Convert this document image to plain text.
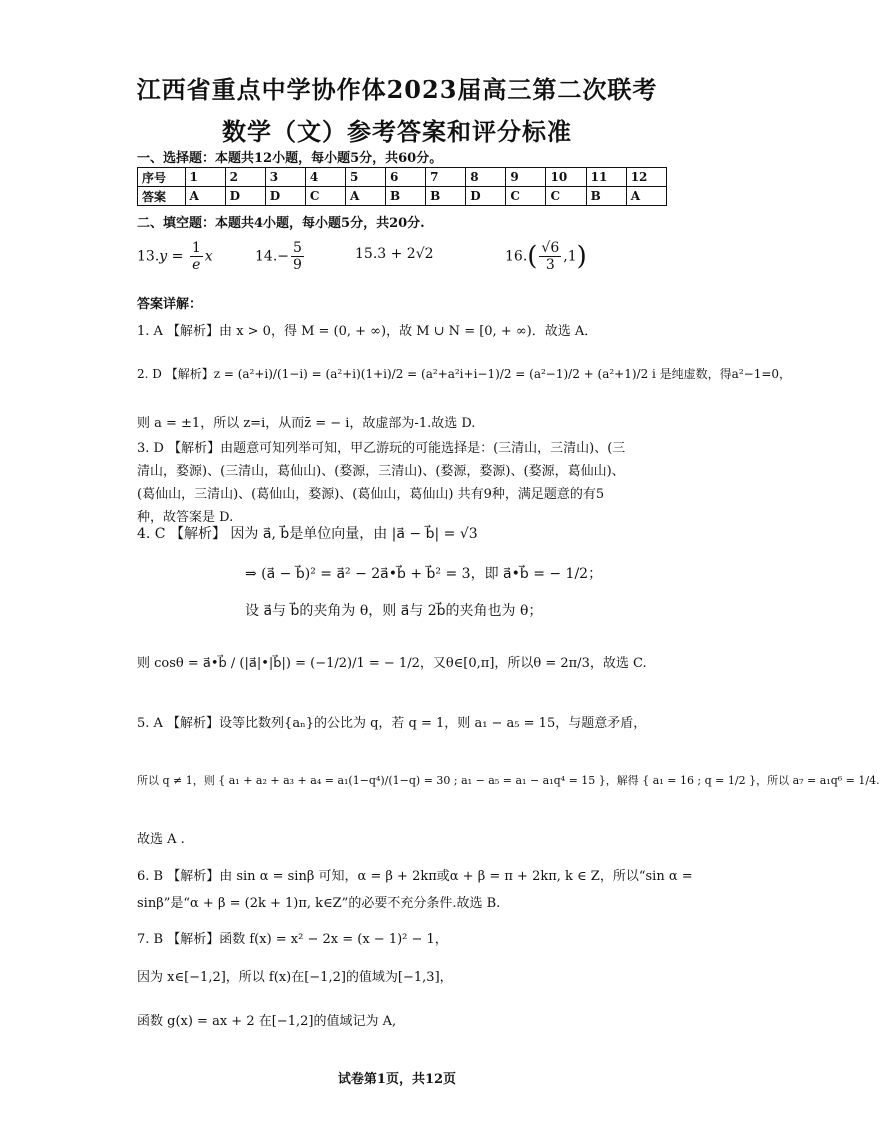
江西省重点中学协作体2023届高三第二次联考
数学（文）参考答案和评分标准
一、选择题：本题共12小题，每小题5分，共60分。
序号	1	2	3	4	5	6	7	8	9	10	11	12
答案	A	D	D	C	A	B	B	D	C	C	B	A
二、填空题：本题共4小题，每小题5分，共20分.
$13.y = \frac{1}{e}$ x	$14.- \frac{5}{9}$	15.3 + 2√2	$16.( \frac{√6}{3} ,1)$
答案详解：
1. A 【解析】由 x > 0，得 M = (0, + ∞)，故 M ∪ N = [0, + ∞)．故选 A．
2. D 【解析】z = (a²+i)/(1−i) = (a²+i)(1+i)/2 = (a²+a²i+i−1)/2 = (a²−1)/2 + (a²+1)/2 i 是纯虚数，得a²−1=0，
则 a = ±1，所以 z=i，从而z̄ = − i，故虚部为-1.故选 D.
3. D 【解析】由题意可知列举可知，甲乙游玩的可能选择是：(三清山，三清山)、(三
清山，婺源)、(三清山，葛仙山)、(婺源，三清山)、(婺源，婺源)、(婺源，葛仙山)、
(葛仙山，三清山)、(葛仙山，婺源)、(葛仙山，葛仙山) 共有9种，满足题意的有5
种，故答案是 D.
4. C 【解析】 因为 a⃗, b⃗是单位向量，由 |a⃗ − b⃗| = √3
⇒ (a⃗ − b⃗)² = a⃗² − 2a⃗•b⃗ + b⃗² = 3，即 a⃗•b⃗ = − 1/2；
设 a⃗与 b⃗的夹角为 θ，则 a⃗与 2b⃗的夹角也为 θ；
则 cosθ = a⃗•b⃗ / (|a⃗|•|b⃗|) = (−1/2)/1 = − 1/2，又θ∈[0,π]，所以θ = 2π/3，故选 C.
5. A 【解析】设等比数列{aₙ}的公比为 q，若 q = 1，则 a₁ − a₅ = 15，与题意矛盾，
所以 q ≠ 1，则 { a₁ + a₂ + a₃ + a₄ = a₁(1−q⁴)/(1−q) = 30 ; a₁ − a₅ = a₁ − a₁q⁴ = 15 }，解得 { a₁ = 16 ; q = 1/2 }，所以 a₇ = a₁q⁶ = 1/4.
故选 A .
6. B 【解析】由 sin α = sinβ 可知，α = β + 2kπ或α + β = π + 2kπ, k ∈ Z，所以“sin α =
sinβ”是“α + β = (2k + 1)π, k∈Z”的必要不充分条件.故选 B.
7. B 【解析】函数 f(x) = x² − 2x = (x − 1)² − 1，
因为 x∈[−1,2]，所以 f(x)在[−1,2]的值域为[−1,3]，
函数 g(x) = ax + 2 在[−1,2]的值域记为 A,
试卷第1页，共12页
